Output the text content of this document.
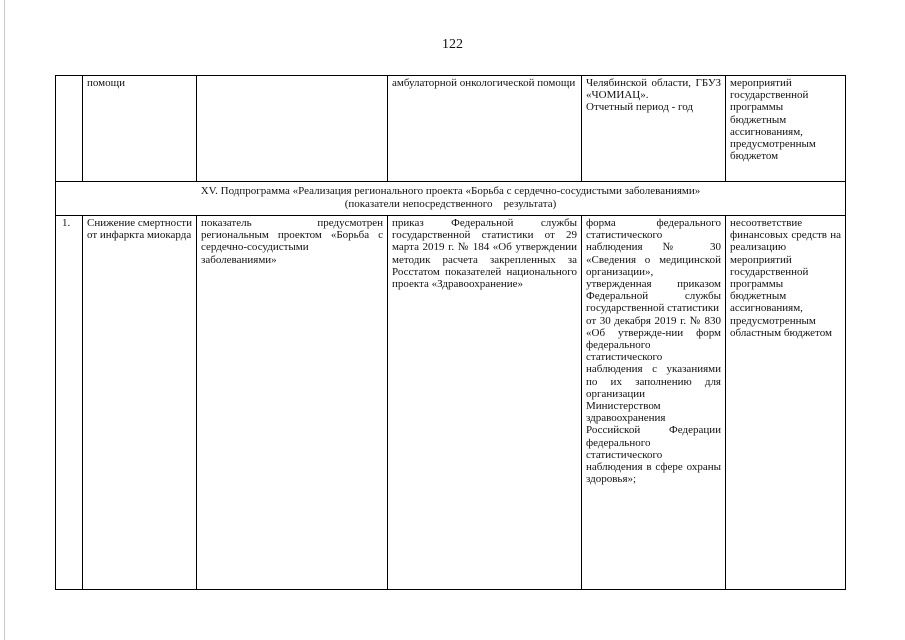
122
	помощи		амбулаторной онкологической помощи	Челябинской области, ГБУЗ «ЧОМИАЦ».
Отчетный период - год	мероприятий государственной программы бюджетным ассигнованиям, предусмотренным бюджетом

XV. Подпрограмма «Реализация регионального проекта «Борьба с сердечно-сосудистыми заболеваниями»
(показатели непосредственного    результата)					

1.	Снижение смертности от инфаркта миокарда	показатель предусмотрен региональным проектом «Борьба с сердечно-сосудистыми заболеваниями»	приказ Федеральной службы государственной статистики от 29 марта 2019 г. № 184 «Об утверждении методик расчета закрепленных за Росстатом показателей национального проекта «Здравоохранение»	форма федерального статистического наблюдения № 30 «Сведения о медицинской организации», утвержденная приказом Федеральной службы государственной статистики
от 30 декабря 2019 г. № 830 «Об утвержде-нии форм федерального статистического наблюдения с указаниями по их заполнению для организации Министерством здравоохранения Российской Федерации федерального статистического наблюдения в сфере охраны здоровья»;	несоответствие финансовых средств на реализацию мероприятий государственной программы бюджетным ассигнованиям, предусмотренным областным бюджетом
